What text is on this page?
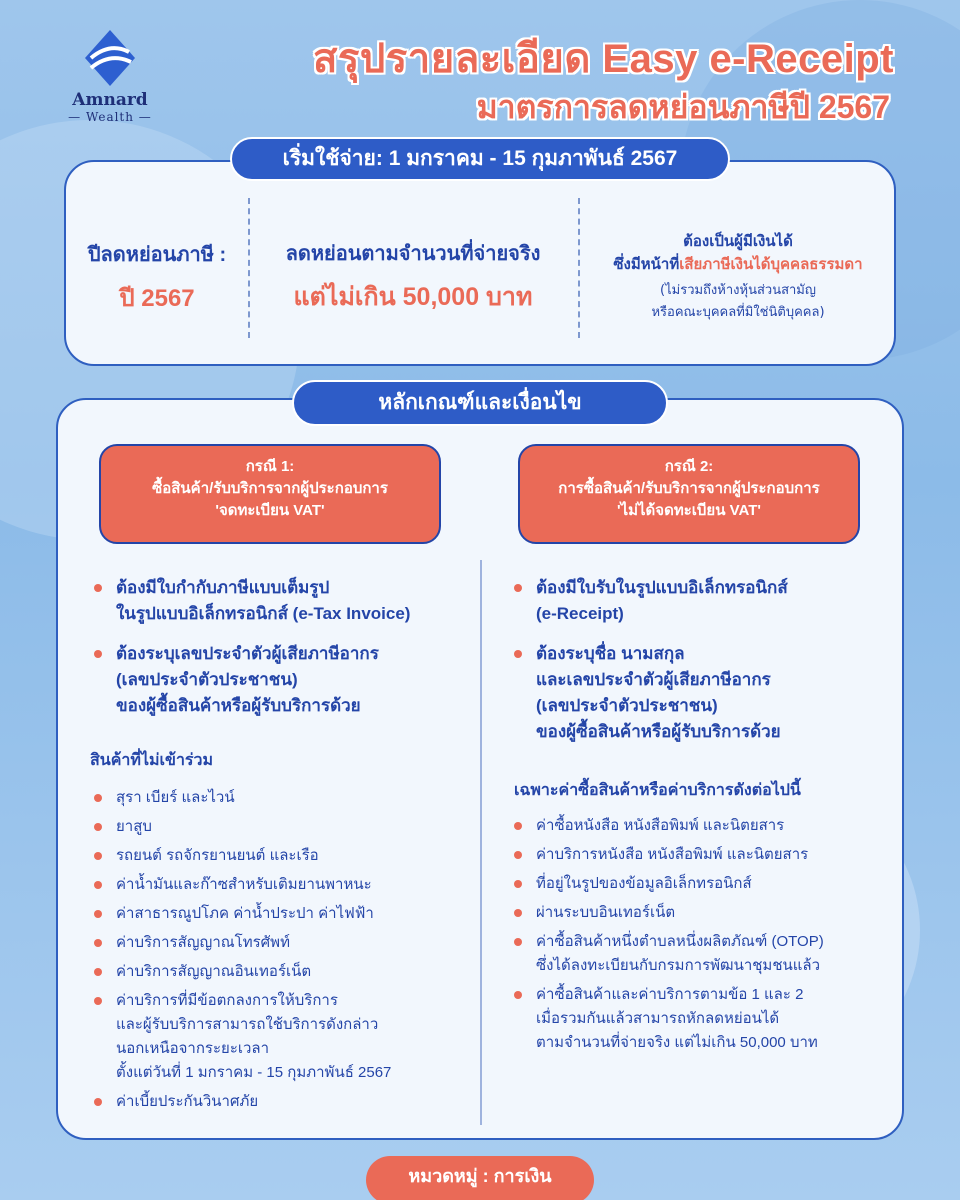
Amnard
— Wealth —
สรุปรายละเอียด Easy e-Receipt
มาตรการลดหย่อนภาษีปี 2567
ปีลดหย่อนภาษี :
ปี 2567
ลดหย่อนตามจำนวนที่จ่ายจริง
แต่ไม่เกิน 50,000 บาท
ต้องเป็นผู้มีเงินได้
ซึ่งมีหน้าที่เสียภาษีเงินได้บุคคลธรรมดา
(ไม่รวมถึงห้างหุ้นส่วนสามัญ
หรือคณะบุคคลที่มิใช่นิติบุคคล)
เริ่มใช้จ่าย: 1 มกราคม - 15 กุมภาพันธ์ 2567
หลักเกณฑ์และเงื่อนไข
กรณี 1:
ซื้อสินค้า/รับบริการจากผู้ประกอบการ
'จดทะเบียน VAT'
กรณี 2:
การซื้อสินค้า/รับบริการจากผู้ประกอบการ
'ไม่ได้จดทะเบียน VAT'
ต้องมีใบกำกับภาษีแบบเต็มรูป
ในรูปแบบอิเล็กทรอนิกส์ (e-Tax Invoice)
ต้องระบุเลขประจำตัวผู้เสียภาษีอากร
(เลขประจำตัวประชาชน)
ของผู้ซื้อสินค้าหรือผู้รับบริการด้วย
ต้องมีใบรับในรูปแบบอิเล็กทรอนิกส์
(e-Receipt)
ต้องระบุชื่อ นามสกุล
และเลขประจำตัวผู้เสียภาษีอากร
(เลขประจำตัวประชาชน)
ของผู้ซื้อสินค้าหรือผู้รับบริการด้วย
สินค้าที่ไม่เข้าร่วม
เฉพาะค่าซื้อสินค้าหรือค่าบริการดังต่อไปนี้
สุรา เบียร์ และไวน์
ยาสูบ
รถยนต์ รถจักรยานยนต์ และเรือ
ค่าน้ำมันและก๊าซสำหรับเติมยานพาหนะ
ค่าสาธารณูปโภค ค่าน้ำประปา ค่าไฟฟ้า
ค่าบริการสัญญาณโทรศัพท์
ค่าบริการสัญญาณอินเทอร์เน็ต
ค่าบริการที่มีข้อตกลงการให้บริการ
และผู้รับบริการสามารถใช้บริการดังกล่าว
นอกเหนือจากระยะเวลา
ตั้งแต่วันที่ 1 มกราคม - 15 กุมภาพันธ์ 2567
ค่าเบี้ยประกันวินาศภัย
ค่าซื้อหนังสือ หนังสือพิมพ์ และนิตยสาร
ค่าบริการหนังสือ หนังสือพิมพ์ และนิตยสาร
ที่อยู่ในรูปของข้อมูลอิเล็กทรอนิกส์
ผ่านระบบอินเทอร์เน็ต
ค่าซื้อสินค้าหนึ่งตำบลหนึ่งผลิตภัณฑ์ (OTOP)
ซึ่งได้ลงทะเบียนกับกรมการพัฒนาชุมชนแล้ว
ค่าซื้อสินค้าและค่าบริการตามข้อ 1 และ 2
เมื่อรวมกันแล้วสามารถหักลดหย่อนได้
ตามจำนวนที่จ่ายจริง แต่ไม่เกิน 50,000 บาท
หมวดหมู่ : การเงิน
